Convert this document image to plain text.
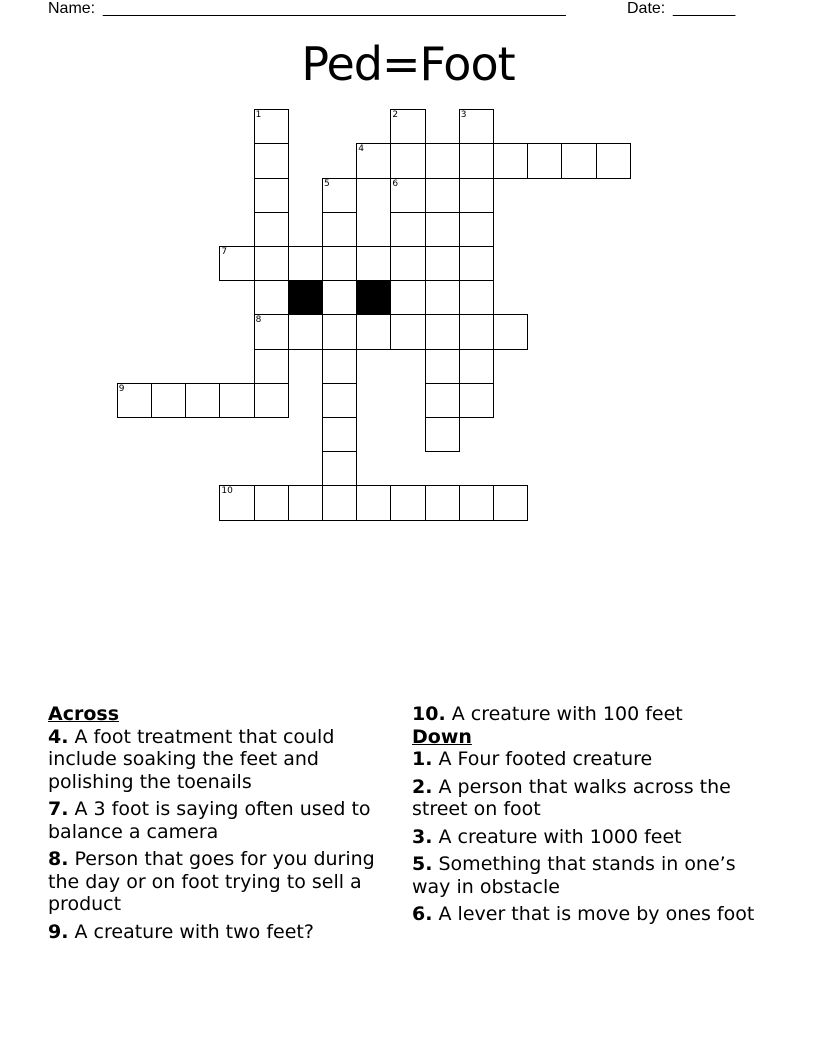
Name: ____________________________________________________	Date: _______
Ped=Foot
1	2	3
4
5	6
7
8
9
10
Across
4. A foot treatment that could include soaking the feet and polishing the toenails
7. A 3 foot is saying often used to balance a camera
8. Person that goes for you during the day or on foot trying to sell a product
9. A creature with two feet?
10. A creature with 100 feet
Down
1. A Four footed creature
2. A person that walks across the street on foot
3. A creature with 1000 feet
5. Something that stands in one’s way in obstacle
6. A lever that is move by ones foot
